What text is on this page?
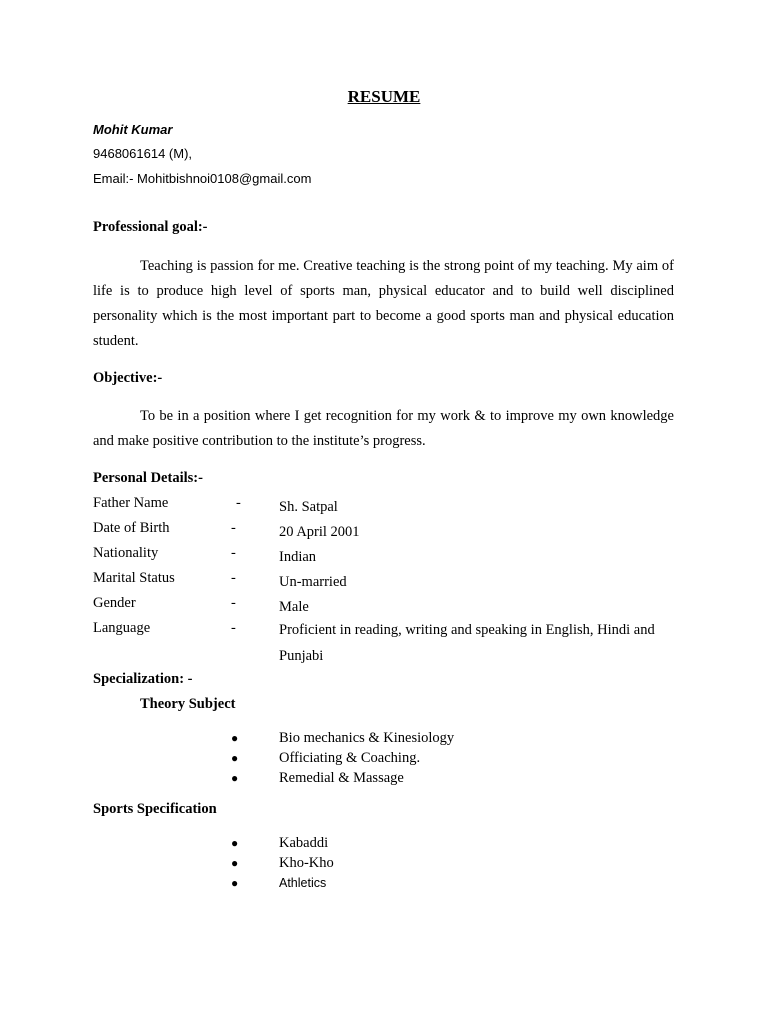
RESUME
Mohit Kumar
9468061614 (M),
Email:- Mohitbishnoi0108@gmail.com
Professional goal:-
Teaching is passion for me. Creative teaching is the strong point of my teaching. My aim of life is to produce high level of sports man, physical educator and to build well disciplined personality which is the most important part to become a good sports man and physical education student.
Objective:-
To be in a position where I get recognition for my work & to improve my own knowledge and make positive contribution to the institute’s progress.
Personal Details:-
Father Name	-	Sh. Satpal
Date of Birth	-	20 April 2001
Nationality	-	Indian
Marital Status	-	Un-married
Gender	-	Male
Language	-	Proficient in reading, writing and speaking in English, Hindi and Punjabi
Specialization: -
Theory Subject
●	Bio mechanics & Kinesiology
●	Officiating & Coaching.
●	Remedial & Massage
Sports Specification
●	Kabaddi
●	Kho-Kho
●	Athletics
